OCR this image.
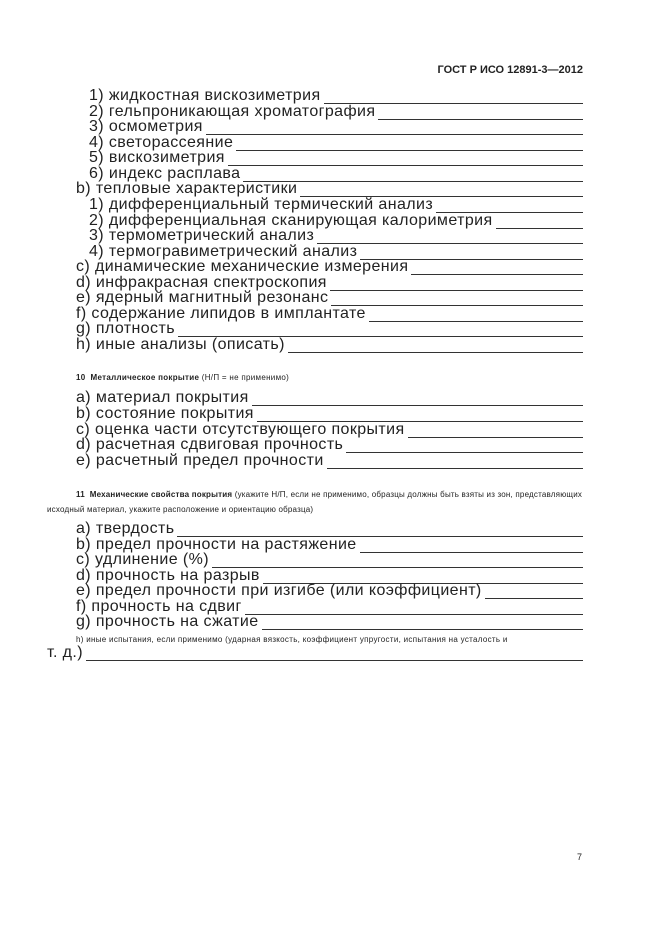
ГОСТ Р ИСО 12891-3—2012
1) жидкостная вискозиметрия
2) гельпроникающая хроматография
3) осмометрия
4) светорассеяние
5) вискозиметрия
6) индекс расплава
b) тепловые характеристики
1) дифференциальный термический анализ
2) дифференциальная сканирующая калориметрия
3) термометрический анализ
4) термогравиметрический анализ
c) динамические механические измерения
d) инфракрасная спектроскопия
e) ядерный магнитный резонанс
f) содержание липидов в имплантате
g) плотность
h) иные анализы (описать)
10 Металлическое покрытие (Н/П = не применимо)
a) материал покрытия
b) состояние покрытия
c) оценка части отсутствующего покрытия
d) расчетная сдвиговая прочность
e) расчетный предел прочности
11 Механические свойства покрытия (укажите Н/П, если не применимо, образцы должны быть взяты из зон, представляющих исходный материал, укажите расположение и ориентацию образца)
a) твердость
b) предел прочности на растяжение
c) удлинение (%)
d) прочность на разрыв
e) предел прочности при изгибе (или коэффициент)
f) прочность на сдвиг
g) прочность на сжатие
h) иные испытания, если применимо (ударная вязкость, коэффициент упругости, испытания на усталость и
т. д.)
7
